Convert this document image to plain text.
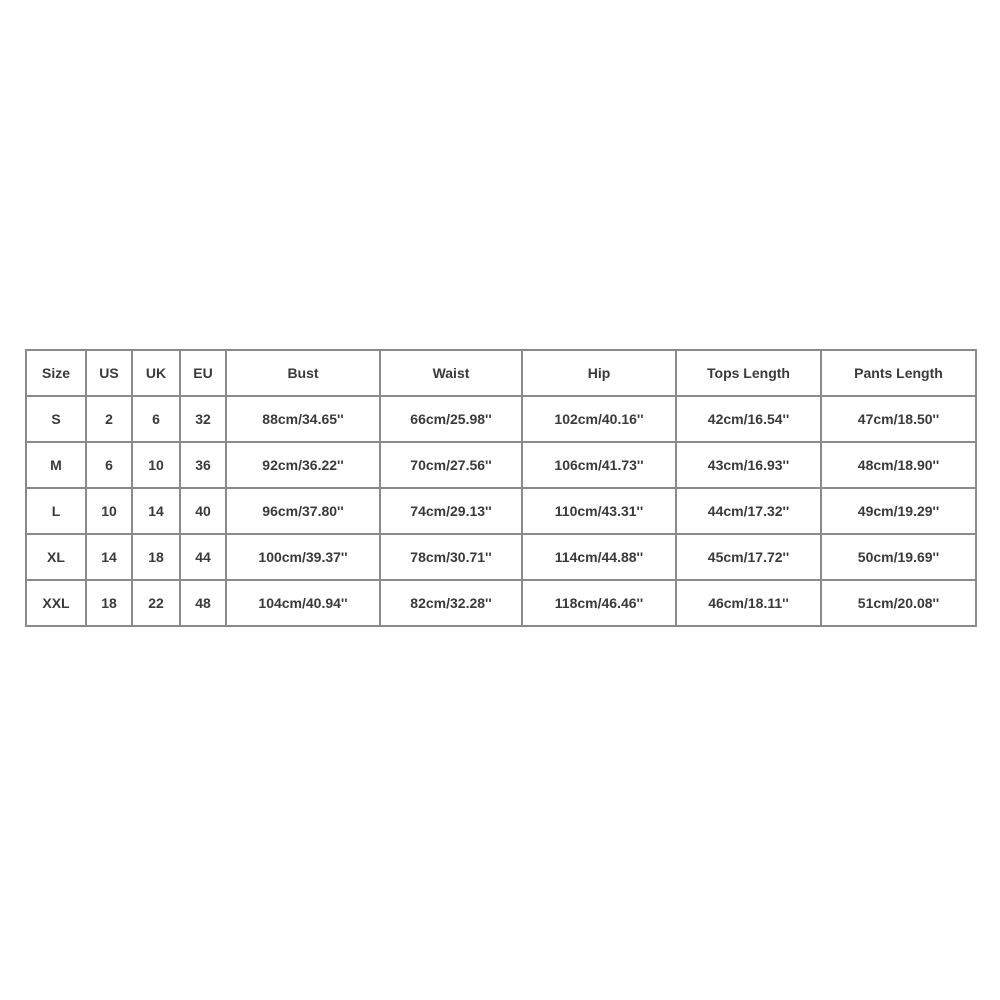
Size	US	UK	EU	Bust	Waist	Hip	Tops Length	Pants Length
S	2	6	32	88cm/34.65''	66cm/25.98''	102cm/40.16''	42cm/16.54''	47cm/18.50''
M	6	10	36	92cm/36.22''	70cm/27.56''	106cm/41.73''	43cm/16.93''	48cm/18.90''
L	10	14	40	96cm/37.80''	74cm/29.13''	110cm/43.31''	44cm/17.32''	49cm/19.29''
XL	14	18	44	100cm/39.37''	78cm/30.71''	114cm/44.88''	45cm/17.72''	50cm/19.69''
XXL	18	22	48	104cm/40.94''	82cm/32.28''	118cm/46.46''	46cm/18.11''	51cm/20.08''
